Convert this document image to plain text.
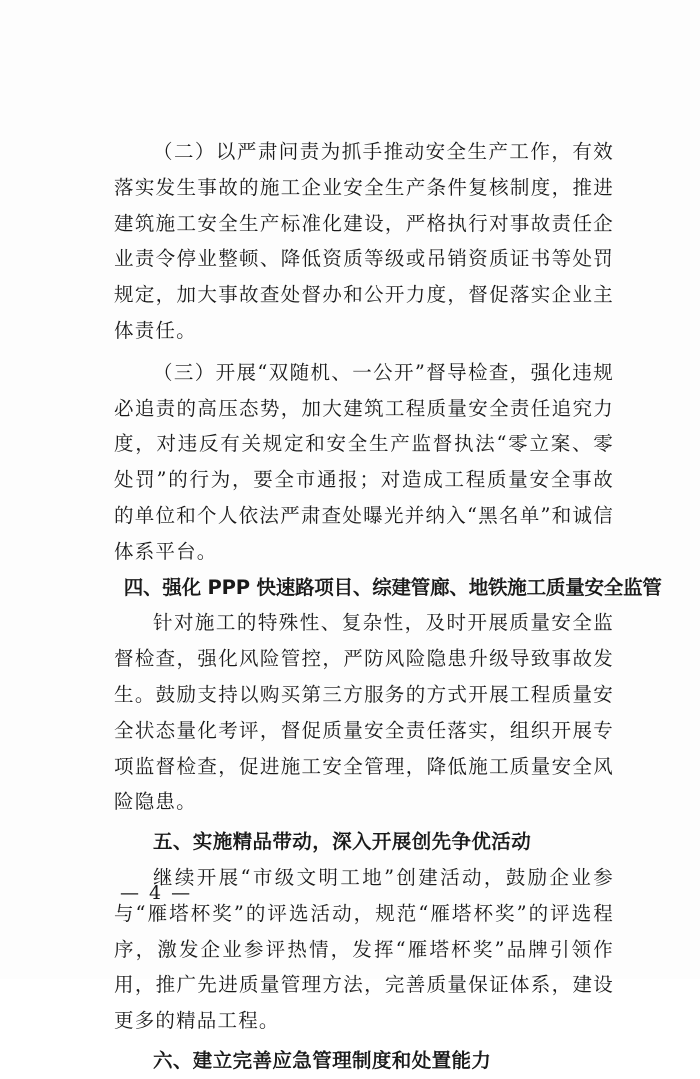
（二）以严肃问责为抓手推动安全生产工作，有效落实发生事故的施工企业安全生产条件复核制度，推进建筑施工安全生产标准化建设，严格执行对事故责任企业责令停业整顿、降低资质等级或吊销资质证书等处罚规定，加大事故查处督办和公开力度，督促落实企业主体责任。

（三）开展“双随机、一公开”督导检查，强化违规必追责的高压态势，加大建筑工程质量安全责任追究力度，对违反有关规定和安全生产监督执法“零立案、零处罚”的行为，要全市通报；对造成工程质量安全事故的单位和个人依法严肃查处曝光并纳入“黑名单”和诚信体系平台。

四、强化 PPP 快速路项目、综建管廊、地铁施工质量安全监管

针对施工的特殊性、复杂性，及时开展质量安全监督检查，强化风险管控，严防风险隐患升级导致事故发生。鼓励支持以购买第三方服务的方式开展工程质量安全状态量化考评，督促质量安全责任落实，组织开展专项监督检查，促进施工安全管理，降低施工质量安全风险隐患。

五、实施精品带动，深入开展创先争优活动

继续开展“市级文明工地”创建活动，鼓励企业参与“雁塔杯奖”的评选活动，规范“雁塔杯奖”的评选程序，激发企业参评热情，发挥“雁塔杯奖”品牌引领作用，推广先进质量管理方法，完善质量保证体系，建设更多的精品工程。

六、建立完善应急管理制度和处置能力

— 4 —
